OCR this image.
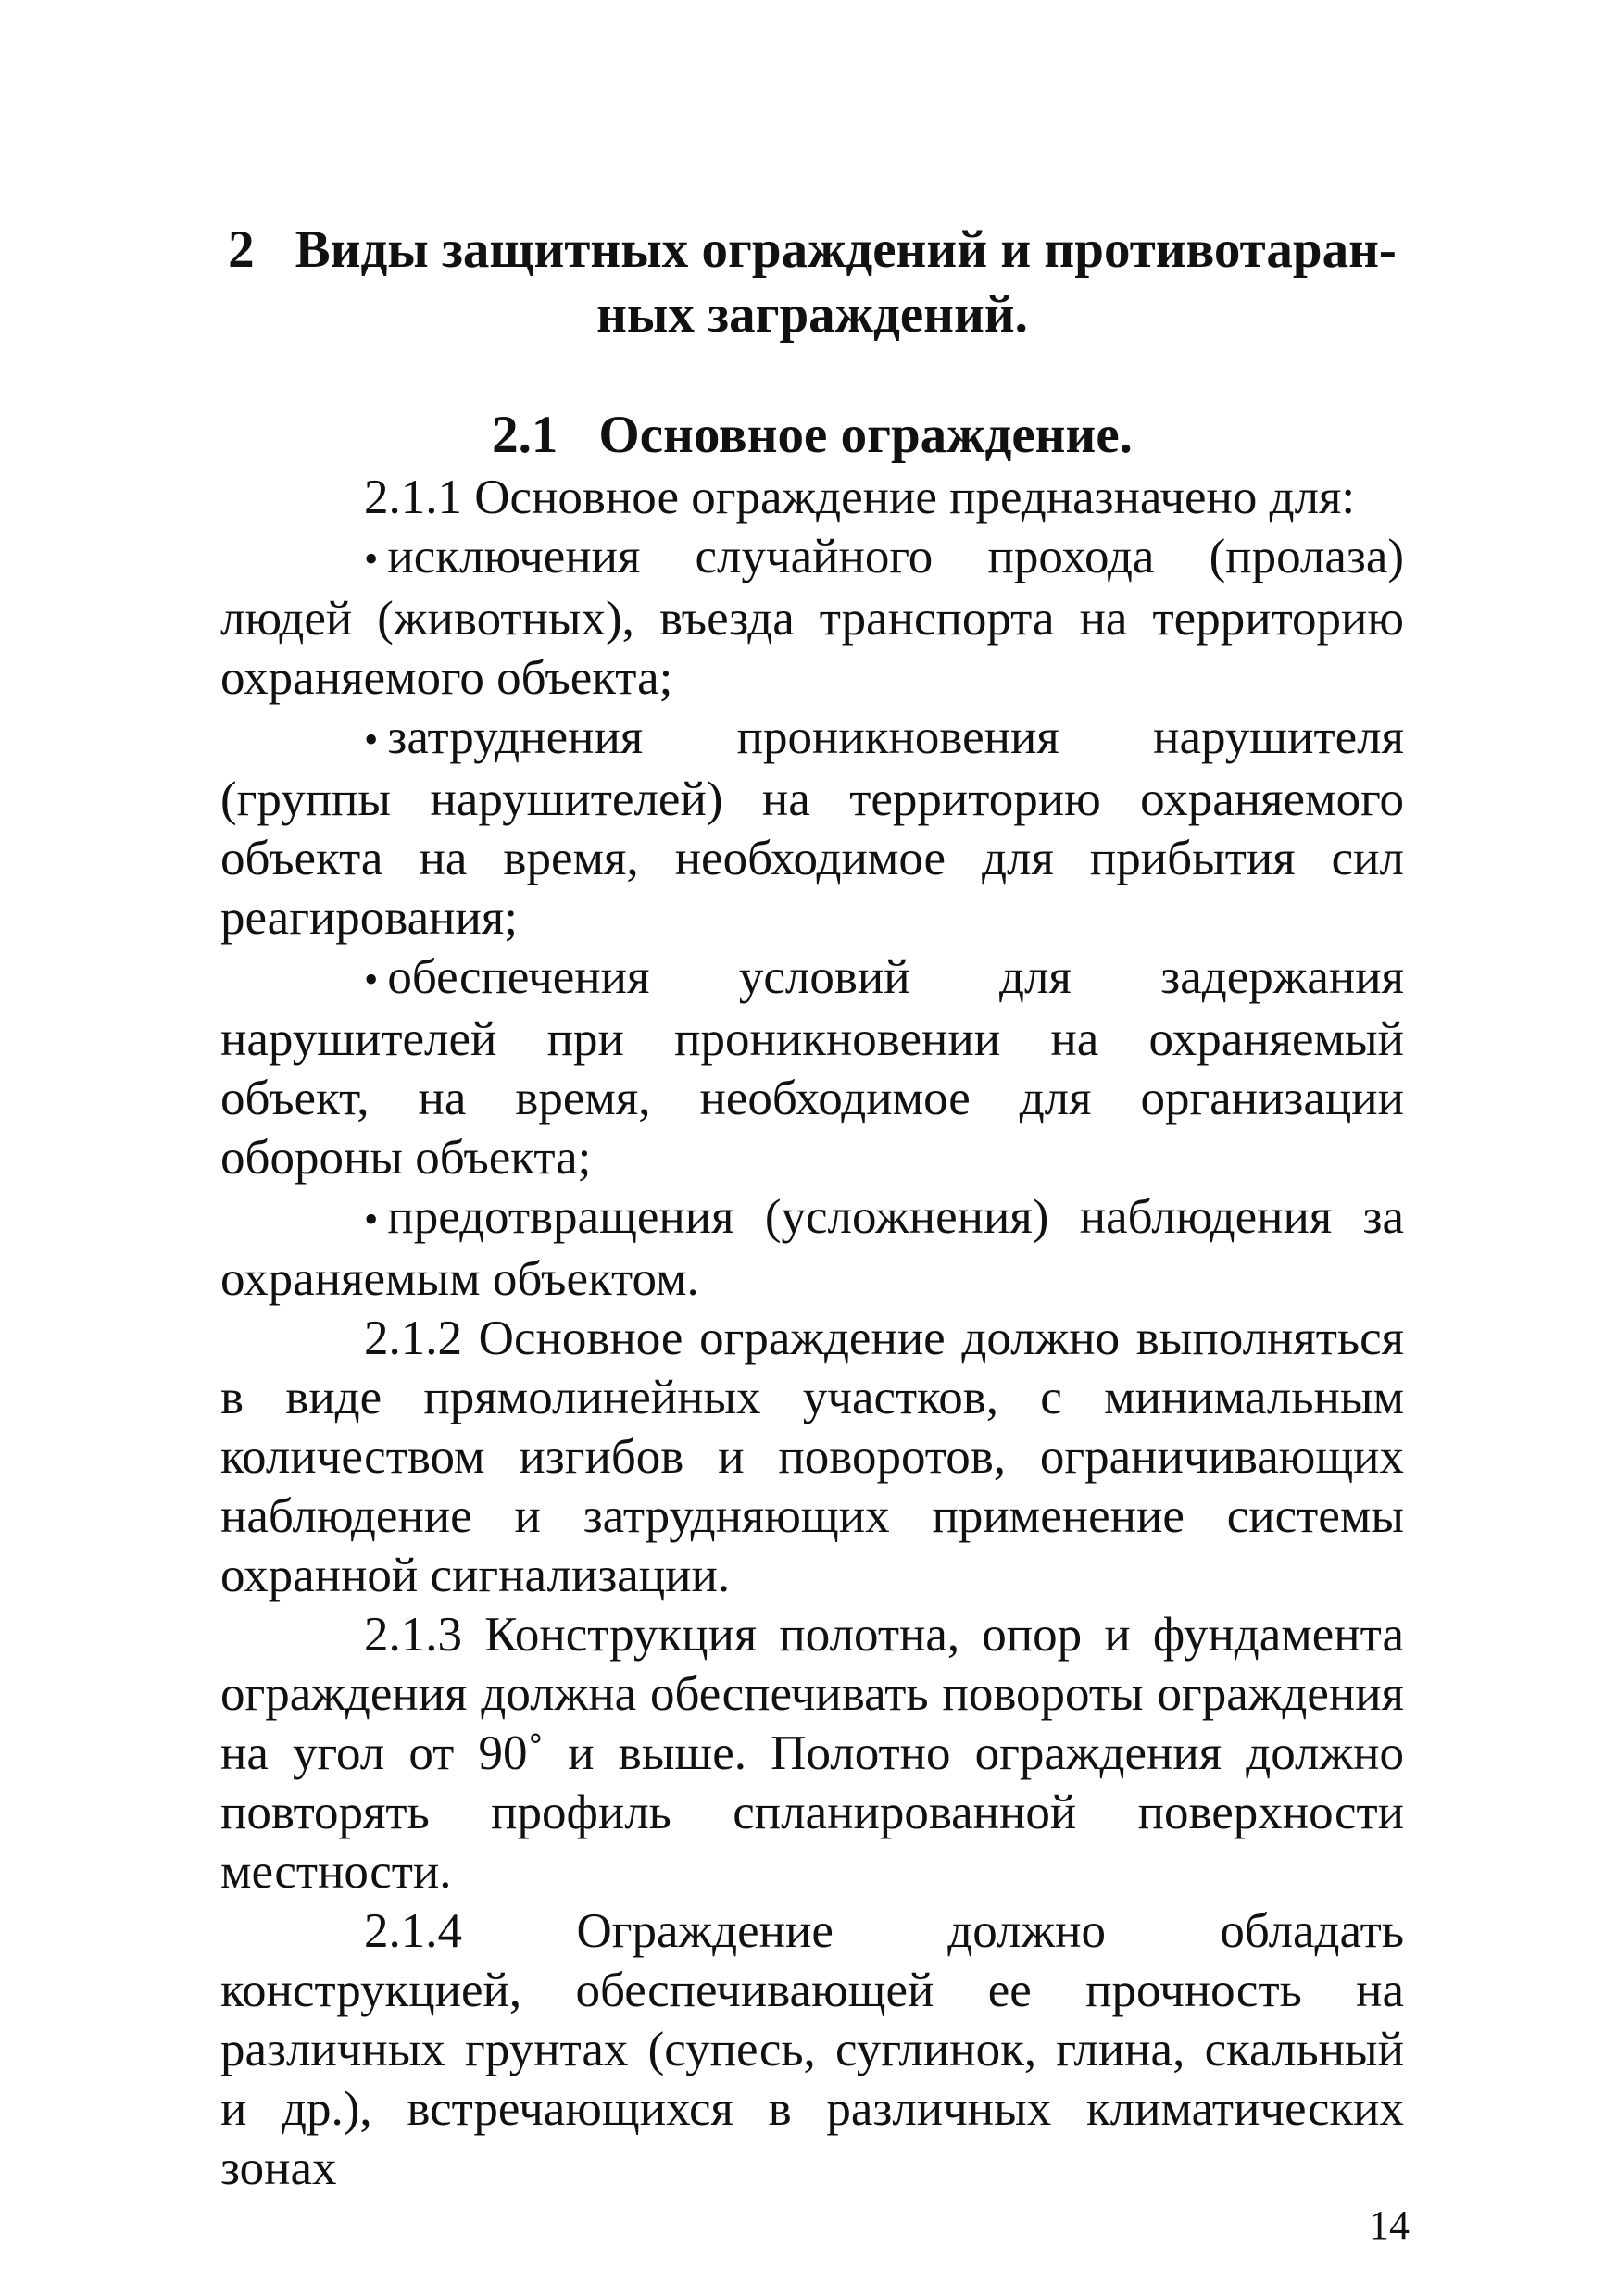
2 Виды защитных ограждений и противотаран-
ных заграждений.
2.1 Основное ограждение.

2.1.1 Основное ограждение предназначено для:

• исключения случайного прохода (пролаза) людей (животных), въезда транспорта на территорию охраняемого объекта;

• затруднения проникновения нарушителя (группы нарушителей) на территорию охраняемого объекта на время, необходимое для прибытия сил реагирования;

• обеспечения условий для задержания нарушителей при проникновении на охраняемый объект, на время, необходимое для организации обороны объекта;

• предотвращения (усложнения) наблюдения за охраняемым объектом.

2.1.2 Основное ограждение должно выполняться в виде прямолинейных участков, с минимальным количеством изгибов и поворотов, ограничивающих наблюдение и затрудняющих применение системы охранной сигнализации.

2.1.3 Конструкция полотна, опор и фундамента ограждения должна обеспечивать повороты ограждения на угол от 90˚ и выше. Полотно ограждения должно повторять профиль спланированной поверхности местности.

2.1.4 Ограждение должно обладать конструкцией, обеспечивающей ее прочность на различных грунтах (супесь, суглинок, глина, скальный и др.), встречающихся в различных климатических зонах

14
